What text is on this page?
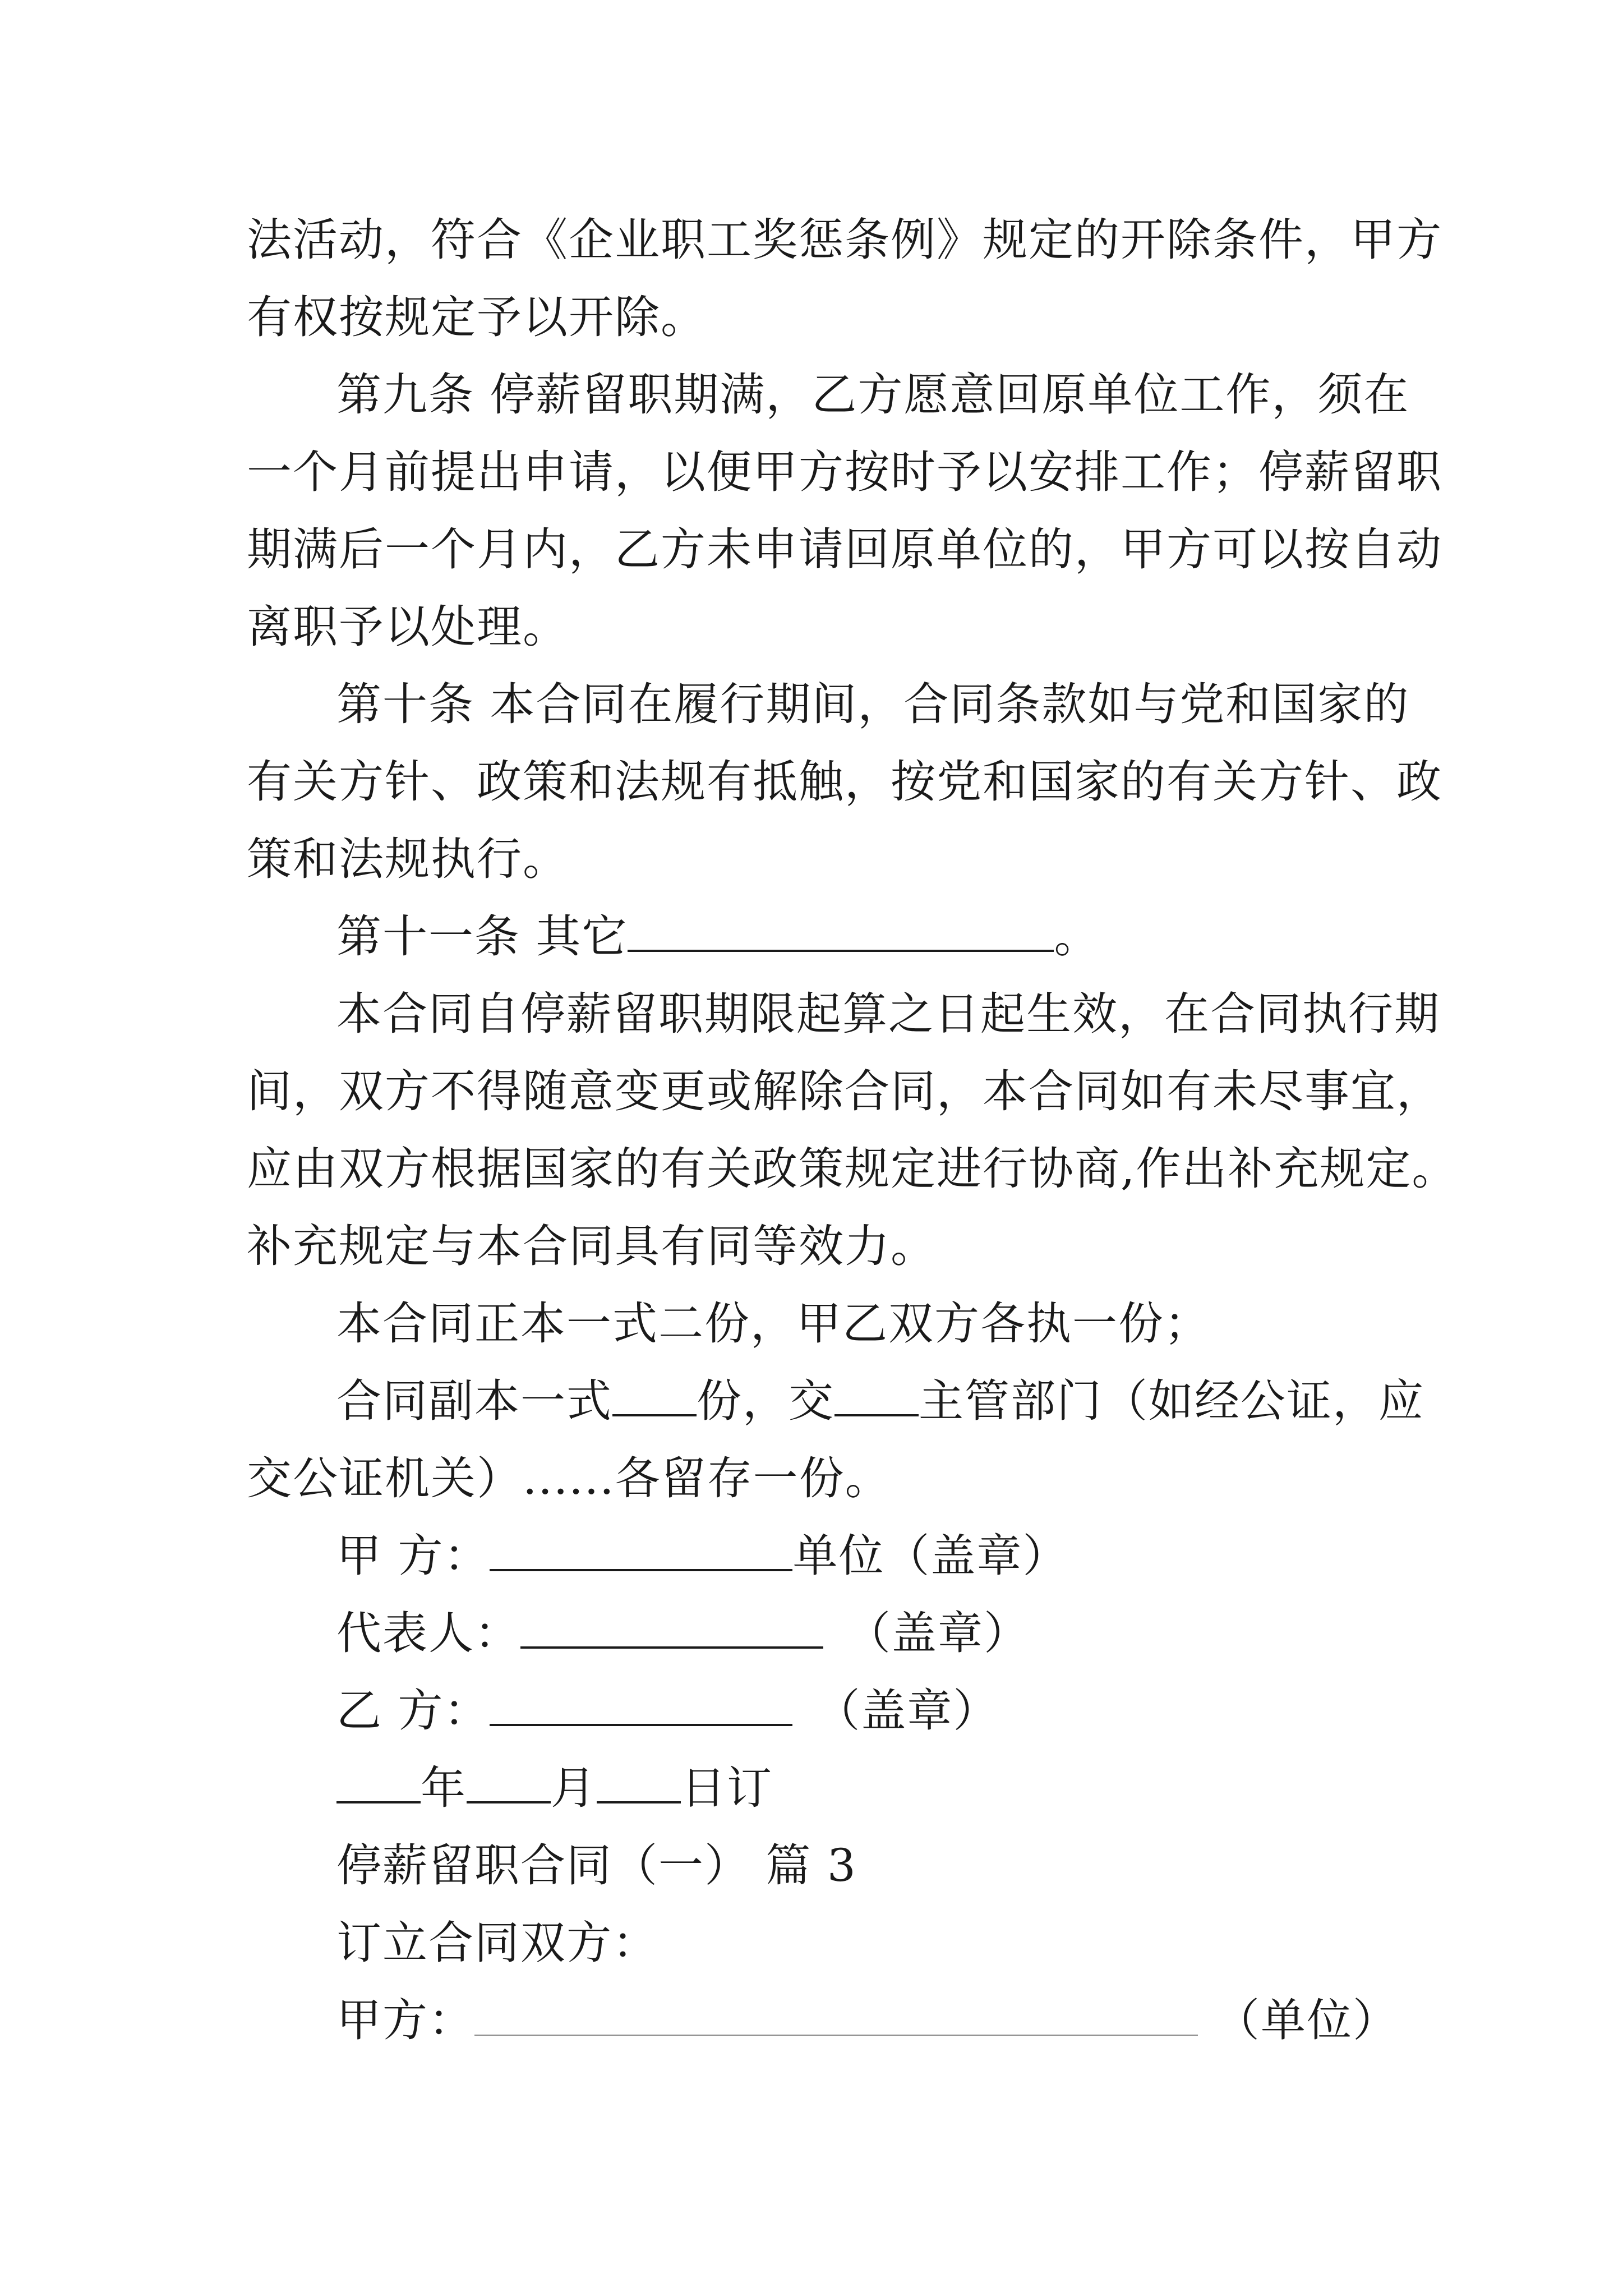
法活动，符合《企业职工奖惩条例》规定的开除条件，甲方
有权按规定予以开除。
第九条 停薪留职期满，乙方愿意回原单位工作，须在
一个月前提出申请，以便甲方按时予以安排工作；停薪留职
期满后一个月内，乙方未申请回原单位的，甲方可以按自动
离职予以处理。
第十条 本合同在履行期间，合同条款如与党和国家的
有关方针、政策和法规有抵触，按党和国家的有关方针、政
策和法规执行。
第十一条 其它	。
本合同自停薪留职期限起算之日起生效，在合同执行期
间，双方不得随意变更或解除合同，本合同如有未尽事宜，
应由双方根据国家的有关政策规定进行协商,作出补充规定。
补充规定与本合同具有同等效力。
本合同正本一式二份，甲乙双方各执一份；
合同副本一式 份，交 主管部门（如经公证，应
交公证机关）......各留存一份。
甲 方：	单位（盖章）
代表人：	（盖章）
乙 方：	（盖章）
年 月 日订
停薪留职合同（一） 篇 3
订立合同双方：
甲方：	（单位）
